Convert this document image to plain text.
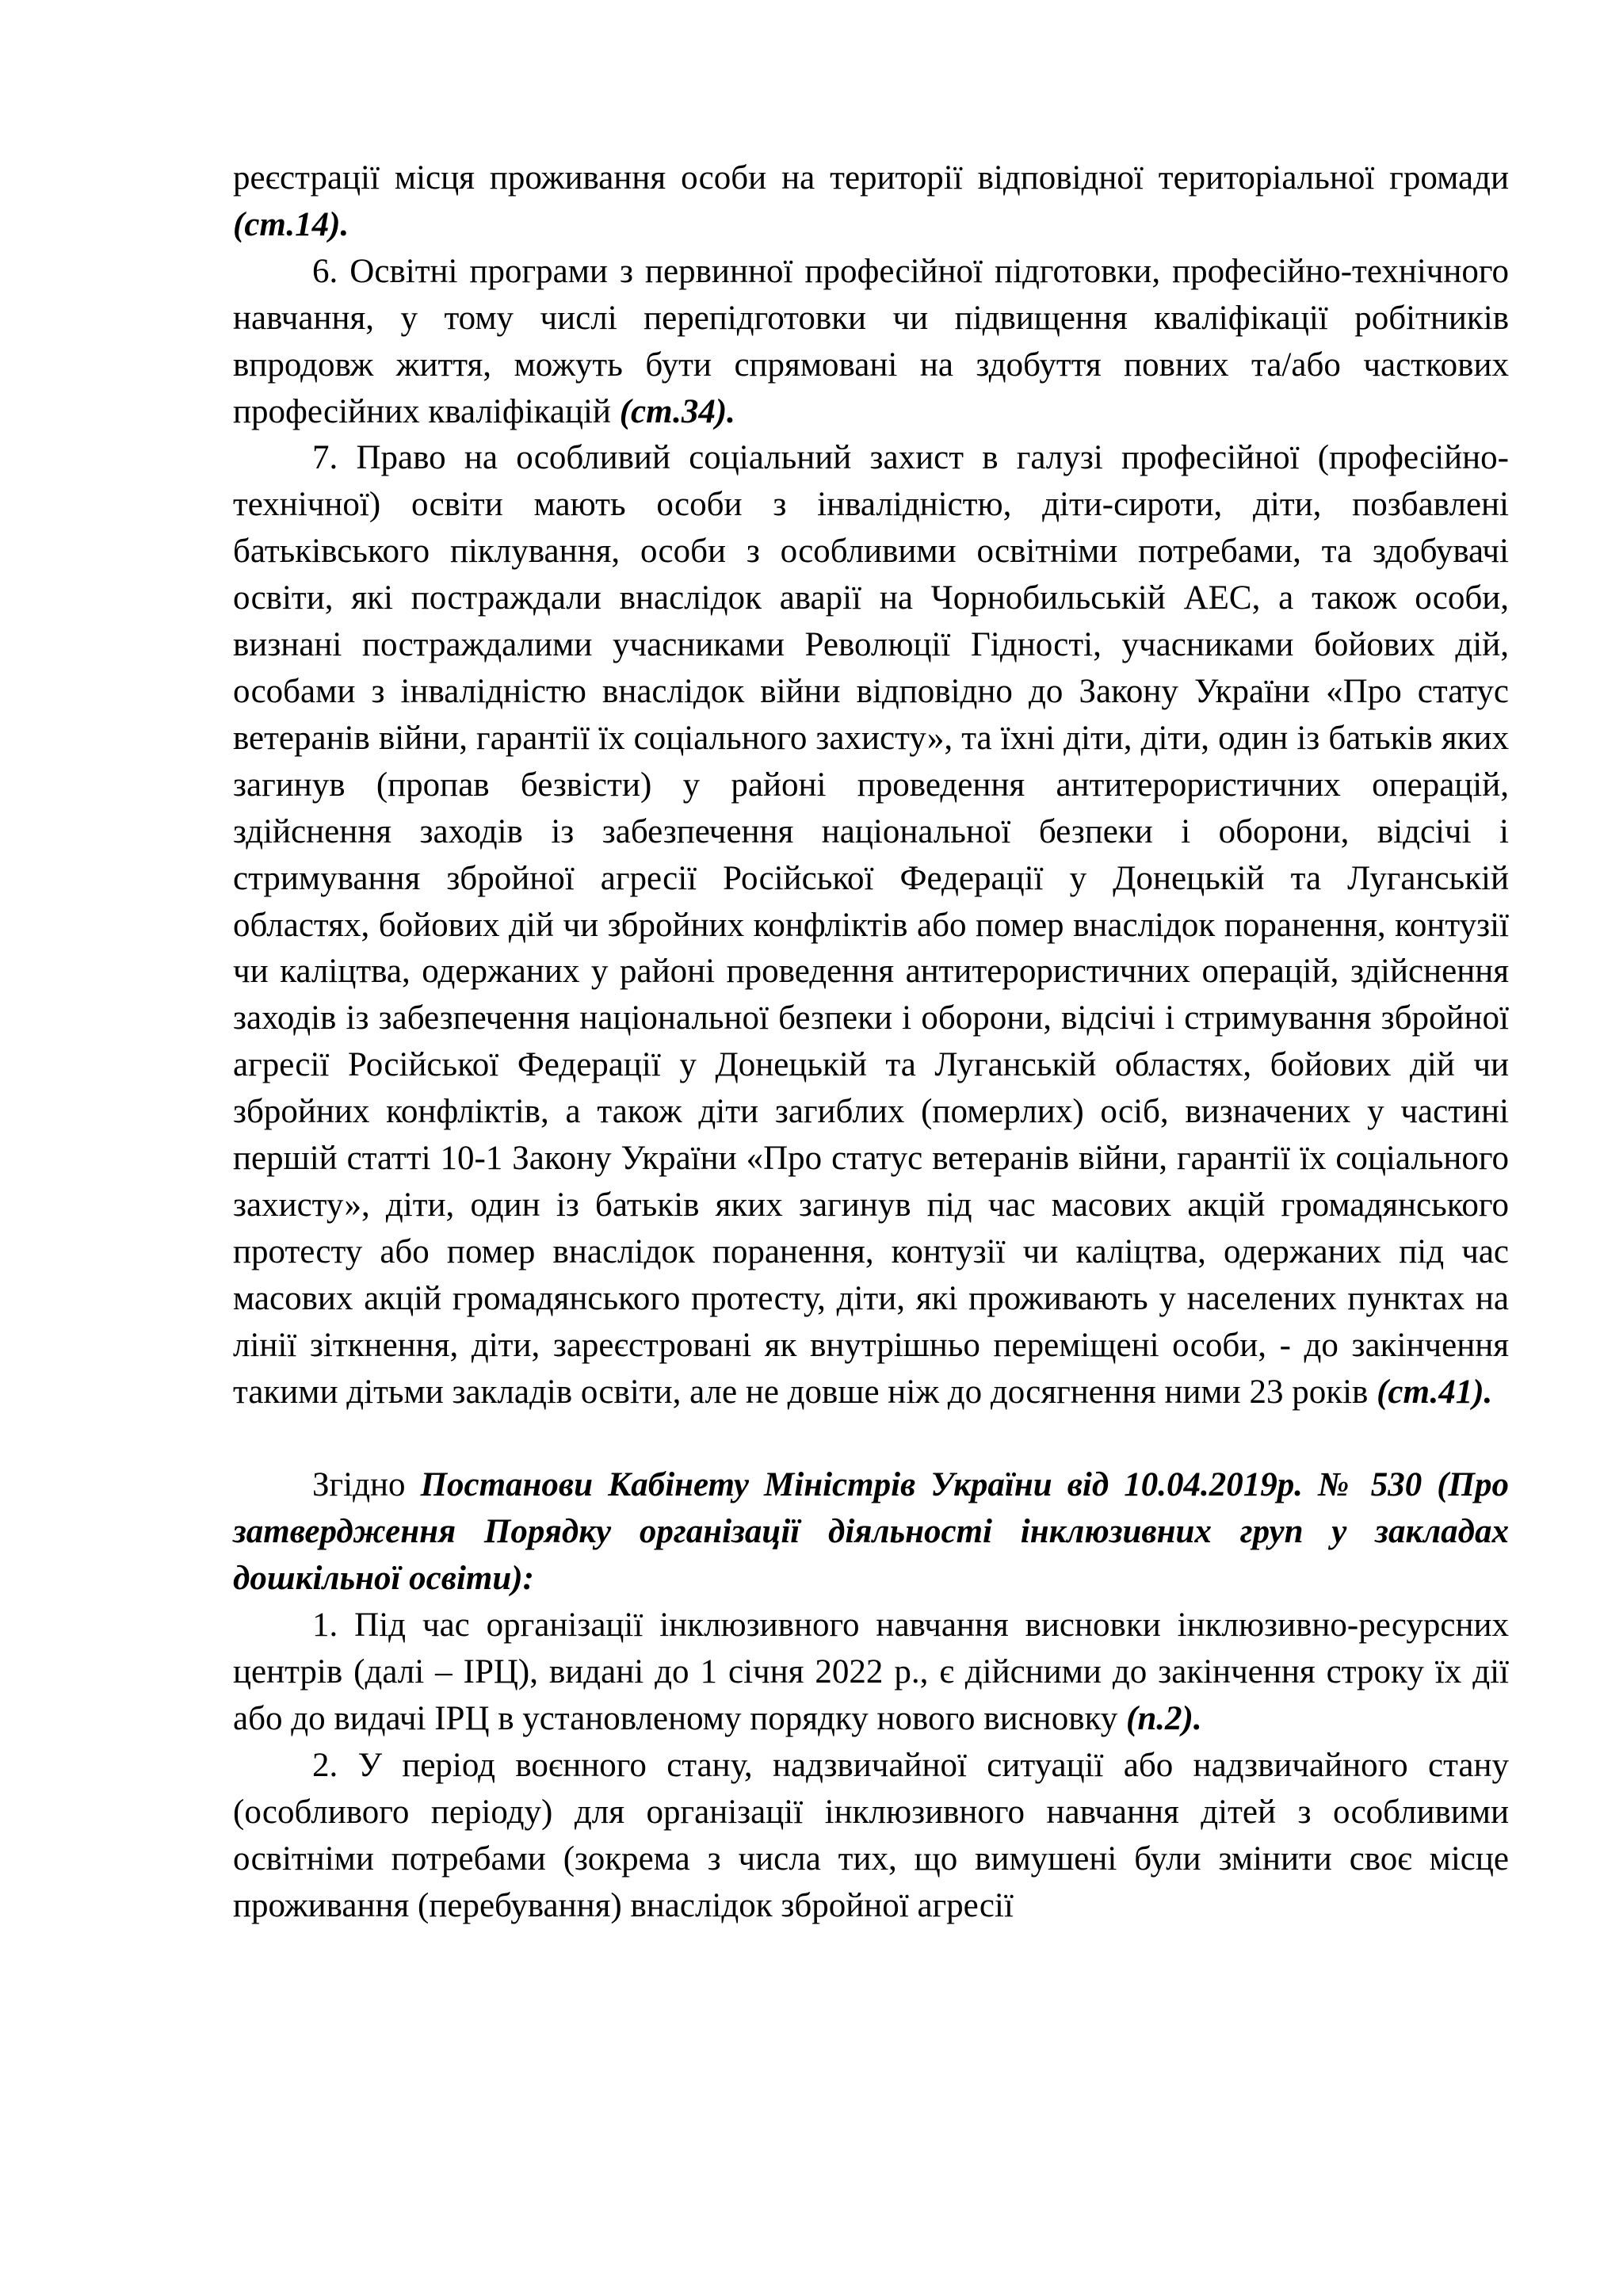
реєстрації місця проживання особи на території відповідної територіальної громади (ст.14).

6. Освітні програми з первинної професійної підготовки, професійно-технічного навчання, у тому числі перепідготовки чи підвищення кваліфікації робітників впродовж життя, можуть бути спрямовані на здобуття повних та/або часткових професійних кваліфікацій (ст.34).

7. Право на особливий соціальний захист в галузі професійної (професійно-технічної) освіти мають особи з інвалідністю, діти-сироти, діти, позбавлені батьківського піклування, особи з особливими освітніми потребами, та здобувачі освіти, які постраждали внаслідок аварії на Чорнобильській АЕС, а також особи, визнані постраждалими учасниками Революції Гідності, учасниками бойових дій, особами з інвалідністю внаслідок війни відповідно до Закону України «Про статус ветеранів війни, гарантії їх соціального захисту», та їхні діти, діти, один із батьків яких загинув (пропав безвісти) у районі проведення антитерористичних операцій, здійснення заходів із забезпечення національної безпеки і оборони, відсічі і стримування збройної агресії Російської Федерації у Донецькій та Луганській областях, бойових дій чи збройних конфліктів або помер внаслідок поранення, контузії чи каліцтва, одержаних у районі проведення антитерористичних операцій, здійснення заходів із забезпечення національної безпеки і оборони, відсічі і стримування збройної агресії Російської Федерації у Донецькій та Луганській областях, бойових дій чи збройних конфліктів, а також діти загиблих (померлих) осіб, визначених у частині першій статті 10-1 Закону України «Про статус ветеранів війни, гарантії їх соціального захисту», діти, один із батьків яких загинув під час масових акцій громадянського протесту або помер внаслідок поранення, контузії чи каліцтва, одержаних під час масових акцій громадянського протесту, діти, які проживають у населених пунктах на лінії зіткнення, діти, зареєстровані як внутрішньо переміщені особи, - до закінчення такими дітьми закладів освіти, але не довше ніж до досягнення ними 23 років (ст.41).

Згідно Постанови Кабінету Міністрів України від 10.04.2019р. № 530 (Про затвердження Порядку організації діяльності інклюзивних груп у закладах дошкільної освіти):

1. Під час організації інклюзивного навчання висновки інклюзивно-ресурсних центрів (далі – ІРЦ), видані до 1 січня 2022 р., є дійсними до закінчення строку їх дії або до видачі ІРЦ в установленому порядку нового висновку (п.2).

2. У період воєнного стану, надзвичайної ситуації або надзвичайного стану (особливого періоду) для організації інклюзивного навчання дітей з особливими освітніми потребами (зокрема з числа тих, що вимушені були змінити своє місце проживання (перебування) внаслідок збройної агресії
